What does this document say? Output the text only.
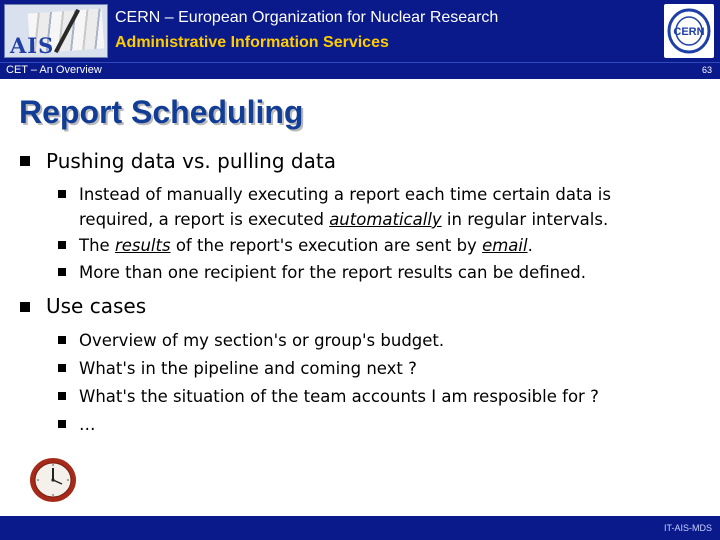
AIS
CERN – European Organization for Nuclear Research
Administrative Information Services
CERN
CET – An Overview	63
Report Scheduling
Pushing data vs. pulling data
Instead of manually executing a report each time certain data is
required, a report is executed automatically in regular intervals.
The results of the report's execution are sent by email.
More than one recipient for the report results can be defined.
Use cases
Overview of my section's or group's budget.
What's in the pipeline and coming next ?
What's the situation of the team accounts I am resposible for ?
…
IT-AIS-MDS
